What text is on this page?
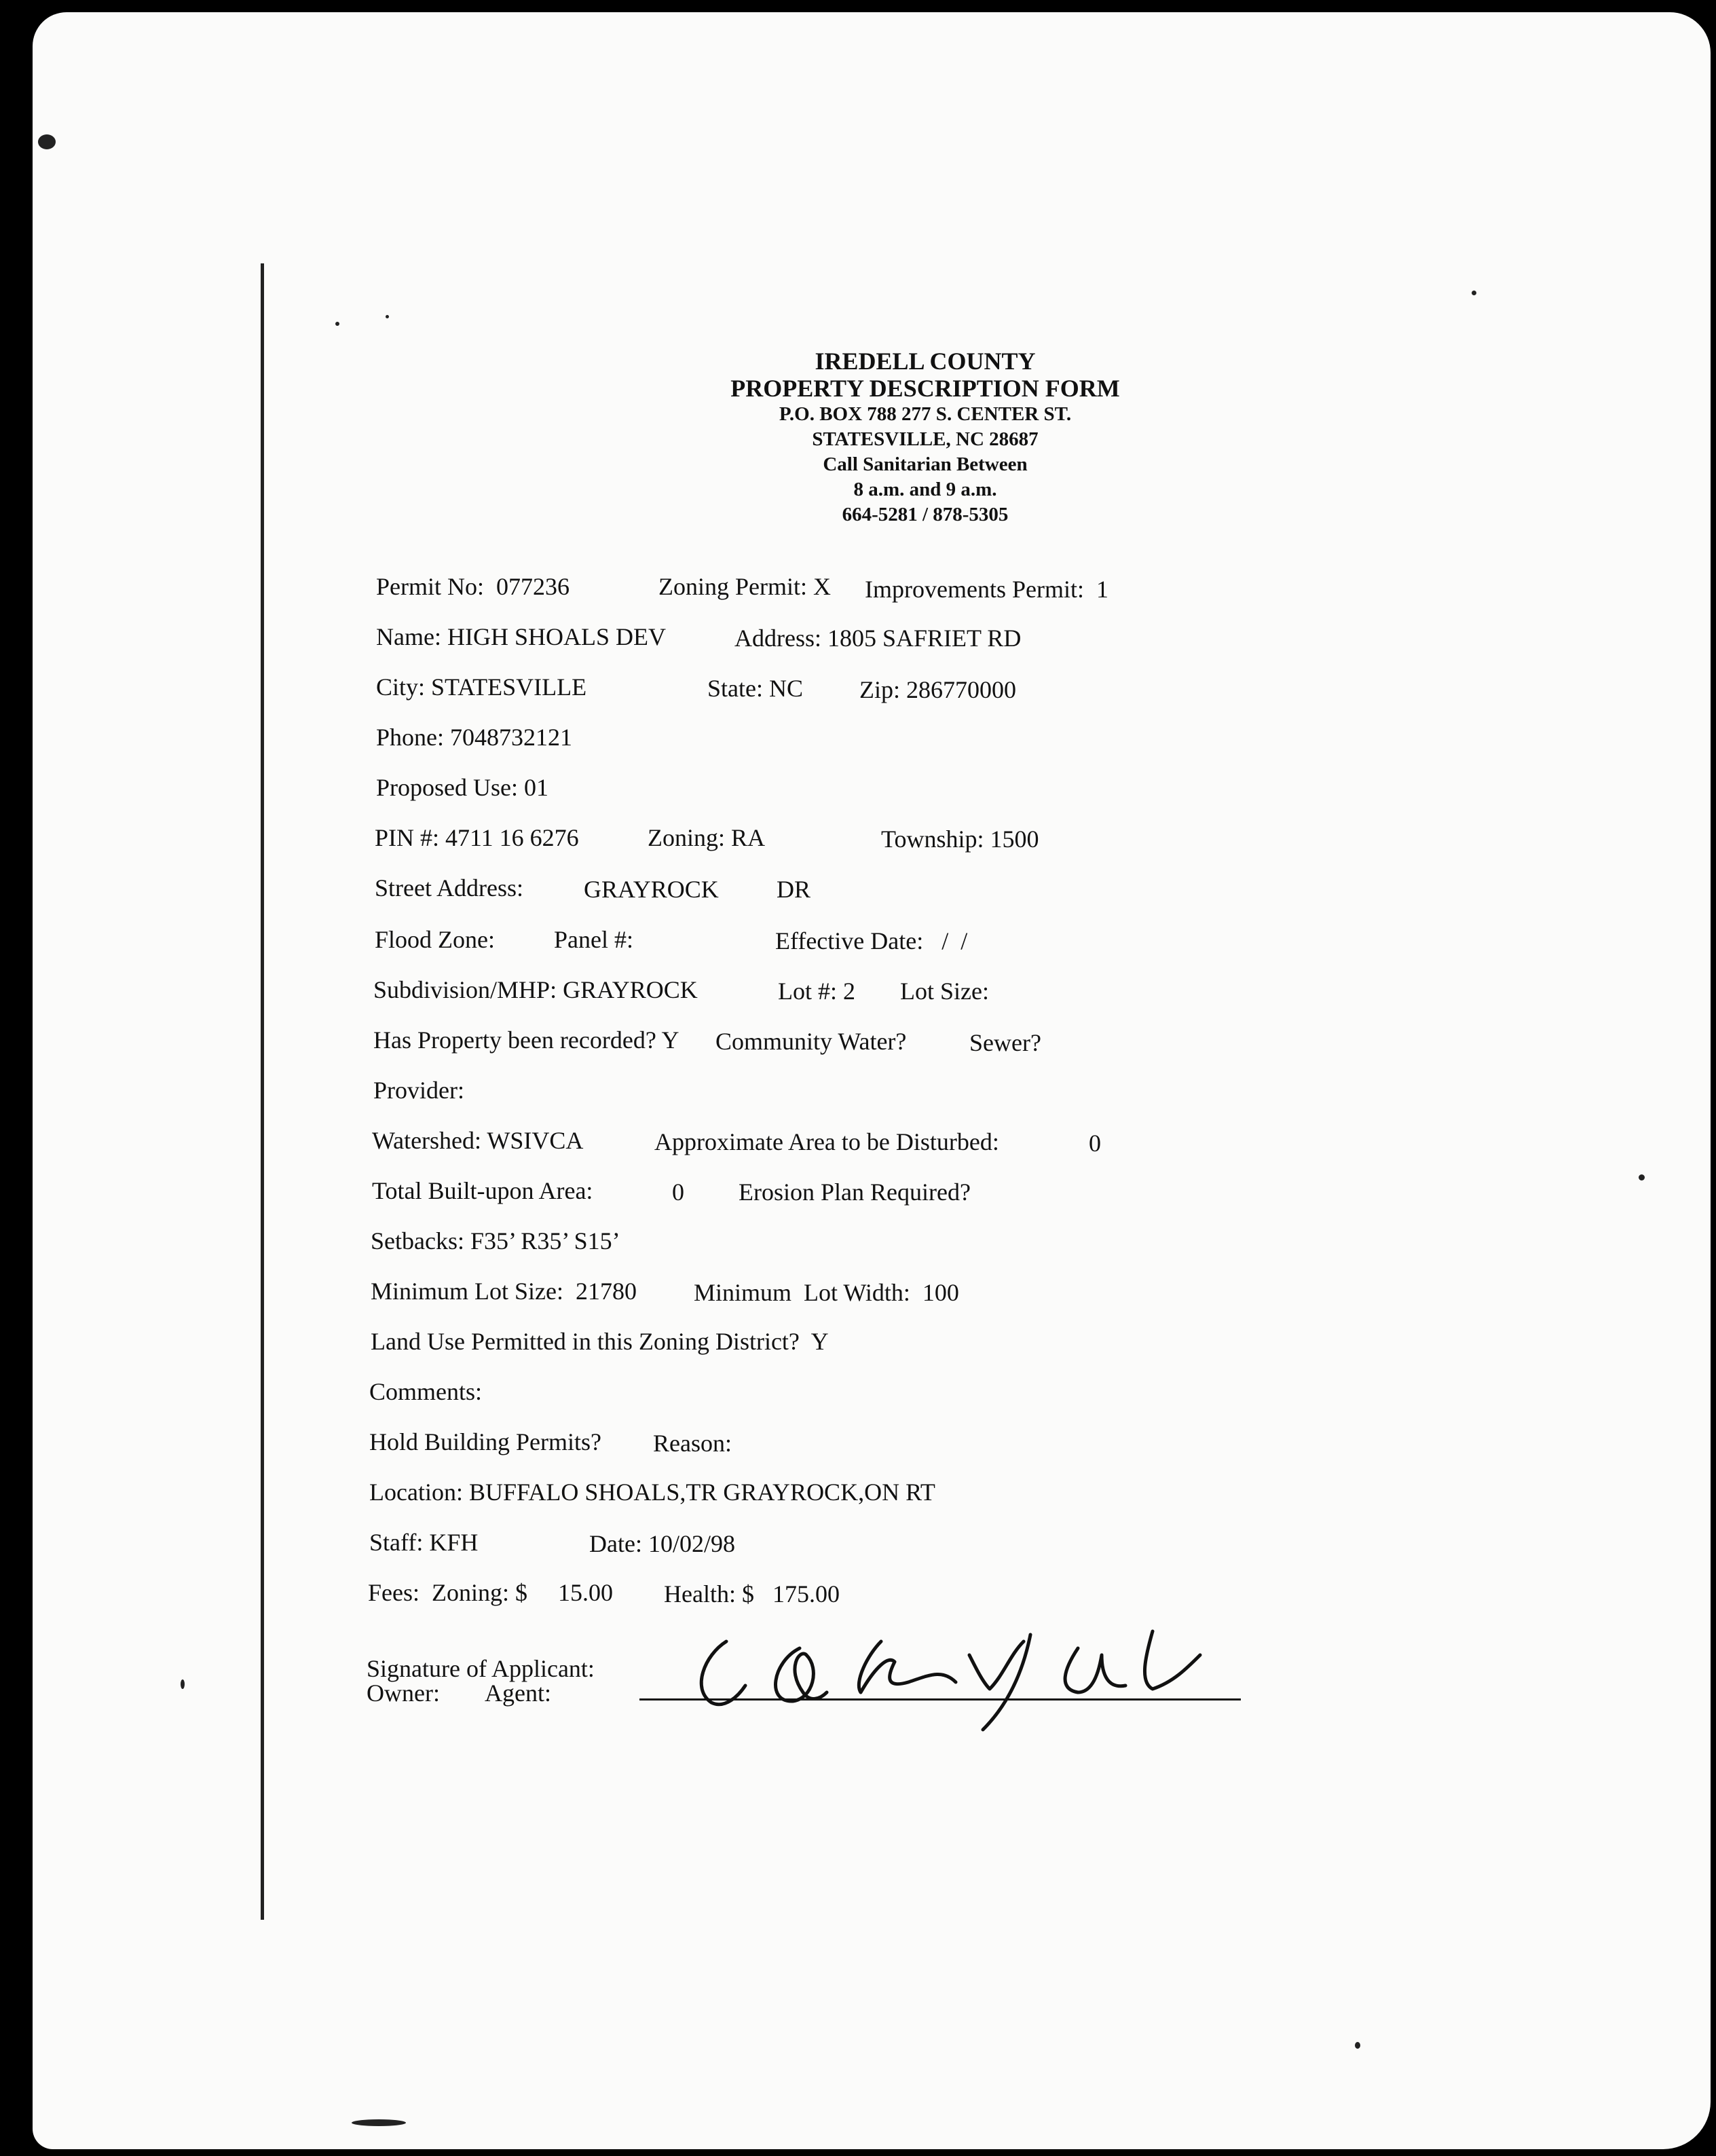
IREDELL COUNTY
PROPERTY DESCRIPTION FORM
P.O. BOX 788 277 S. CENTER ST.
STATESVILLE, NC 28687
Call Sanitarian Between
8 a.m. and 9 a.m.
664-5281 / 878-5305
Permit No:  077236	Zoning Permit: X Improvements Permit:  1
Name: HIGH SHOALS DEV	Address: 1805 SAFRIET RD
City: STATESVILLE	State: NC Zip: 286770000
Phone: 7048732121
Proposed Use: 01
PIN #: 4711 16 6276	Zoning: RA	Township: 1500
Street Address: GRAYROCK DR
Flood Zone: Panel #:	Effective Date:   /  /
Subdivision/MHP: GRAYROCK	Lot #: 2 Lot Size:
Has Property been recorded? Y Community Water?	Sewer?
Provider:
Watershed: WSIVCA	Approximate Area to be Disturbed:	0
Total Built-upon Area:	0 Erosion Plan Required?
Setbacks: F35’ R35’ S15’
Minimum Lot Size:  21780 Minimum  Lot Width:  100
Land Use Permitted in this Zoning District?  Y
Comments:
Hold Building Permits? Reason:
Location: BUFFALO SHOALS,TR GRAYROCK,ON RT
Staff: KFH	Date: 10/02/98
Fees:  Zoning: $     15.00 Health: $   175.00
Signature of Applicant:
Owner: Agent:
